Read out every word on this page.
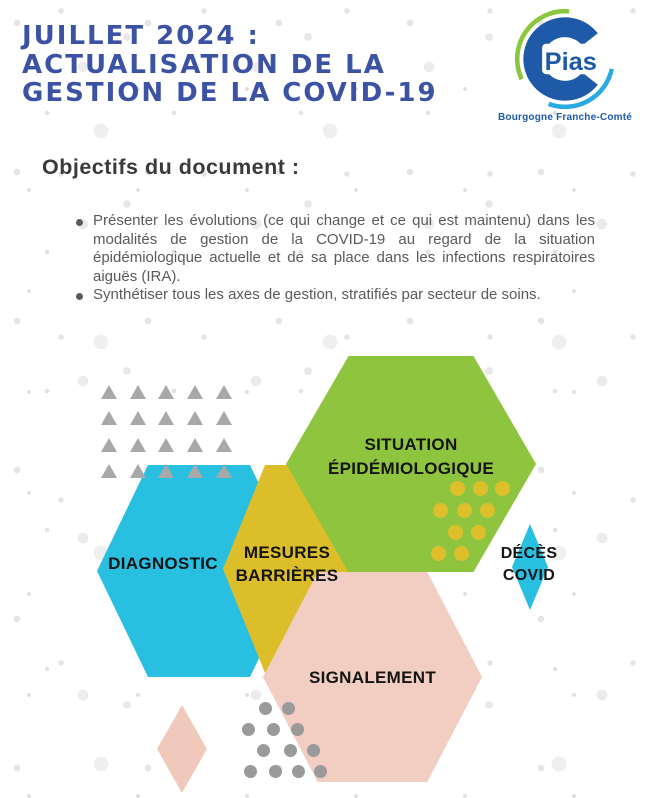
JUILLET 2024 :
ACTUALISATION DE LA
GESTION DE LA COVID-19
Pias
Bourgogne Franche-Comté
Objectifs du document :
Présenter les évolutions (ce qui change et ce qui est maintenu) dans les modalités de gestion de la COVID-19 au regard de la situation épidémiologique actuelle et de sa place dans les infections respiratoires aiguës (IRA).
Synthétiser tous les axes de gestion, stratifiés par secteur de soins.
SITUATION
ÉPIDÉMIOLOGIQUE
DIAGNOSTIC
MESURES
BARRIÈRES
SIGNALEMENT
DÉCÈS
COVID
